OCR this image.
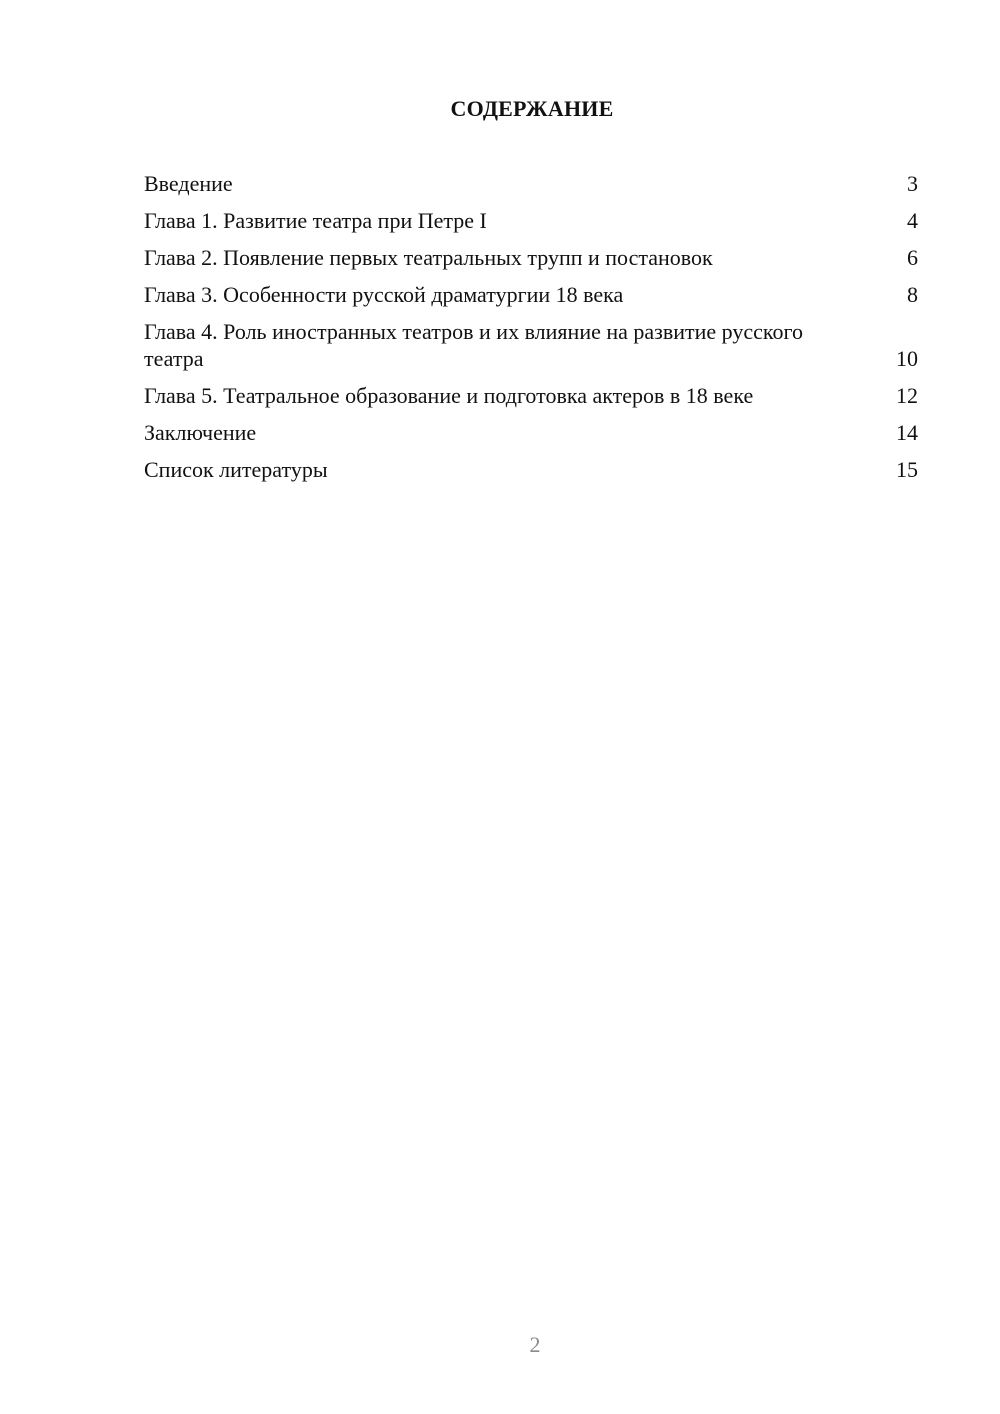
СОДЕРЖАНИЕ
Введение	3
Глава 1. Развитие театра при Петре I	4
Глава 2. Появление первых театральных трупп и постановок	6
Глава 3. Особенности русской драматургии 18 века	8
Глава 4. Роль иностранных театров и их влияние на развитие русского театра	10
Глава 5. Театральное образование и подготовка актеров в 18 веке	12
Заключение	14
Список литературы	15
2
